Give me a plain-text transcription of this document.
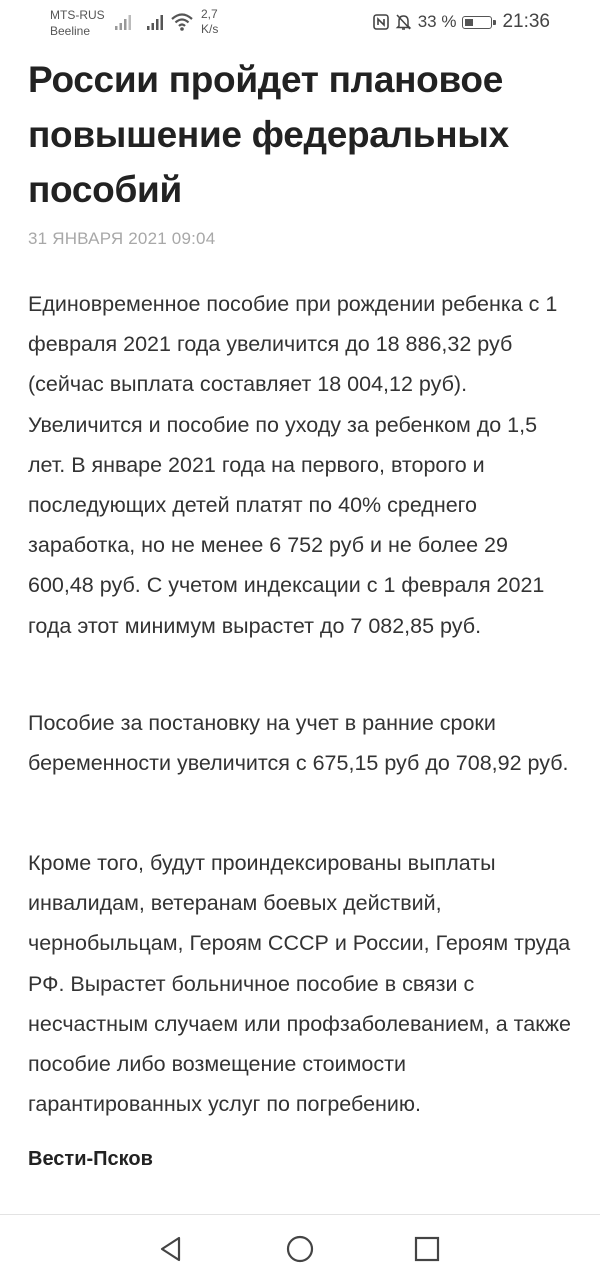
MTS-RUS
Beeline
2,7
K/s	33 % ⚡ 21:36
России пройдет плановое повышение федеральных пособий
31 ЯНВАРЯ 2021 09:04

Единовременное пособие при рождении ребенка с 1 февраля 2021 года увеличится до 18 886,32 руб (сейчас выплата составляет 18 004,12 руб). Увеличится и пособие по уходу за ребенком до 1,5 лет. В январе 2021 года на первого, второго и последующих детей платят по 40% среднего заработка, но не менее 6 752 руб и не более 29 600,48 руб. С учетом индексации с 1 февраля 2021 года этот минимум вырастет до 7 082,85 руб.

Пособие за постановку на учет в ранние сроки беременности увеличится с 675,15 руб до 708,92 руб.

Кроме того, будут проиндексированы выплаты инвалидам, ветеранам боевых действий, чернобыльцам, Героям СССР и России, Героям труда РФ. Вырастет больничное пособие в связи с несчастным случаем или профзаболеванием, а также пособие либо возмещение стоимости гарантированных услуг по погребению.

Вести-Псков
